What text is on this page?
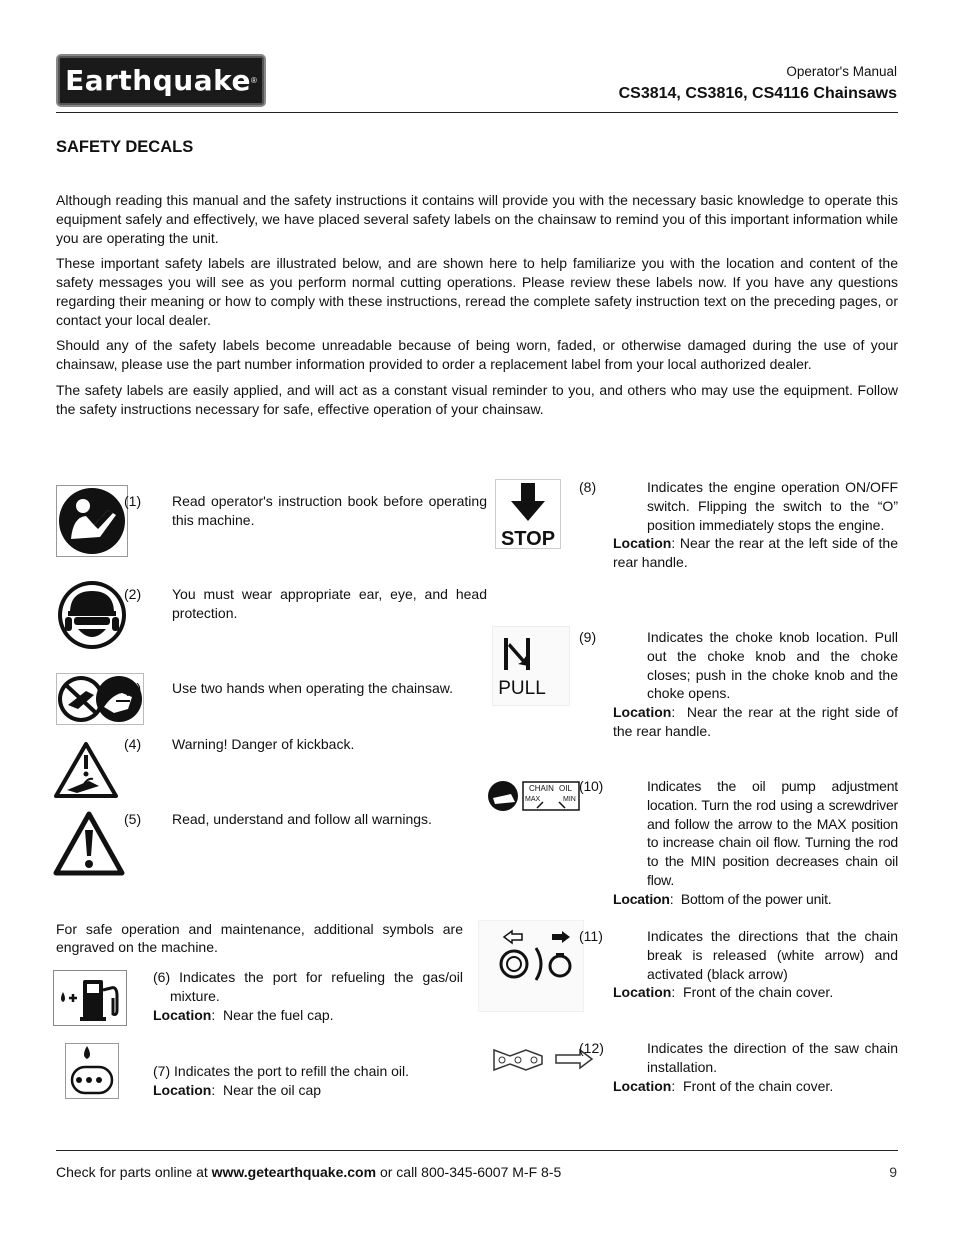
Earthquake ®
Operator's Manual
CS3814, CS3816, CS4116 Chainsaws
SAFETY DECALS
Although reading this manual and the safety instructions it contains will provide you with the necessary basic knowledge to operate this equipment safely and effectively, we have placed several safety labels on the chainsaw to remind you of this important information while you are operating the unit.
These important safety labels are illustrated below, and are shown here to help familiarize you with the location and content of the safety messages you will see as you perform normal cutting operations. Please review these labels now. If you have any questions regarding their meaning or how to comply with these instructions, reread the complete safety instruction text on the preceding pages, or contact your local dealer.
Should any of the safety labels become unreadable because of being worn, faded, or otherwise damaged during the use of your chainsaw, please use the part number information provided to order a replacement label from your local authorized dealer.
The safety labels are easily applied, and will act as a constant visual reminder to you, and others who may use the equipment. Follow the safety instructions necessary for safe, effective operation of your chainsaw.
(1) Read operator's instruction book before operating this machine.
(2) You must wear appropriate ear, eye, and head protection.
(3) Use two hands when operating the chainsaw.
(4) Warning! Danger of kickback.
(5) Read, understand and follow all warnings.
For safe operation and maintenance, additional symbols are engraved on the machine.
(6) Indicates the port for refueling the gas/oil mixture.
Location:  Near the fuel cap.
(7) Indicates the port to refill the chain oil.
Location:  Near the oil cap
STOP
PULL
CHAIN OIL
MAX	MIN
(8)	Indicates the engine operation ON/OFF switch. Flipping the switch to the “O” position immediately stops the engine.
Location: Near the rear at the left side of the rear handle.
(9)	Indicates the choke knob location. Pull out the choke knob and the choke closes; push in the choke knob and the choke opens.
Location:  Near the rear at the right side of the rear handle.
(10)	Indicates the oil pump adjustment location. Turn the rod using a screwdriver and follow the arrow to the MAX position to increase chain oil flow. Turning the rod to the MIN position decreases chain oil flow.
Location:  Bottom of the power unit.
(11)	Indicates the directions that the chain break is released (white arrow) and activated (black arrow)
Location:  Front of the chain cover.
(12)	Indicates the direction of the saw chain installation.
Location:  Front of the chain cover.
Check for parts online at www.getearthquake.com or call 800-345-6007 M-F 8-5	9
